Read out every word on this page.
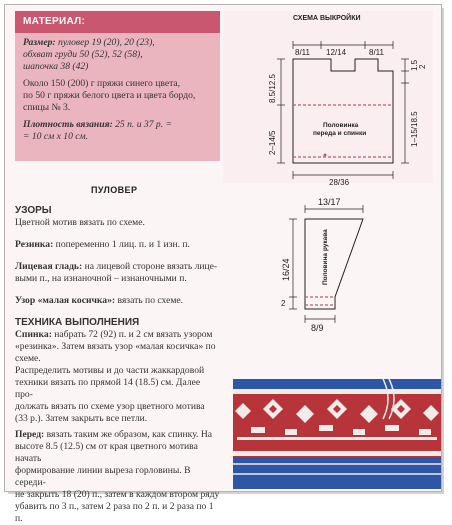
МАТЕРИАЛ:

Размер: пуловер 19 (20), 20 (23),
обхват груди 50 (52), 52 (58),
шапочка 38 (42)

Около 150 (200) г пряжи синего цвета,
по 50 г пряжи белого цвета и цвета бордо,
спицы № 3.

Плотность вязания: 25 п. и 37 р. =
= 10 см х 10 см.

СХЕМА ВЫКРОЙКИ
8/11 12/14	8/11
8.5/12.5
2–14/5
1.5 2
1–15/18.5
Половинка
переда и спинки
28/36
13/17
16/24
2
8/9
Половина рукава
ПУЛОВЕР

УЗОРЫ

Цветной мотив вязать по схеме.

Резинка: попеременно 1 лиц. п. и 1 изн. п.

Лицевая гладь: на лицевой стороне вязать лице-
выми п., на изнаночной – изнаночными п.

Узор «малая косичка»: вязать по схеме.

ТЕХНИКА ВЫПОЛНЕНИЯ

Спинка: набрать 72 (92) п. и 2 см вязать узором
«резинка». Затем вязать узор «малая косичка» по
схеме.
Распределить мотивы и до части жаккардовой
техники вязать по прямой 14 (18.5) см. Далее про-
должать вязать по схеме узор цветного мотива
(33 р.). Затем закрыть все петли.

Перед: вязать таким же образом, как спинку. На
высоте 8.5 (12.5) см от края цветного мотива начать
формирование линии выреза горловины. В середи-
не закрыть 18 (20) п., затем в каждом втором ряду
убавить по 3 п., затем 2 раза по 2 п. и 2 раза по 1 п.
